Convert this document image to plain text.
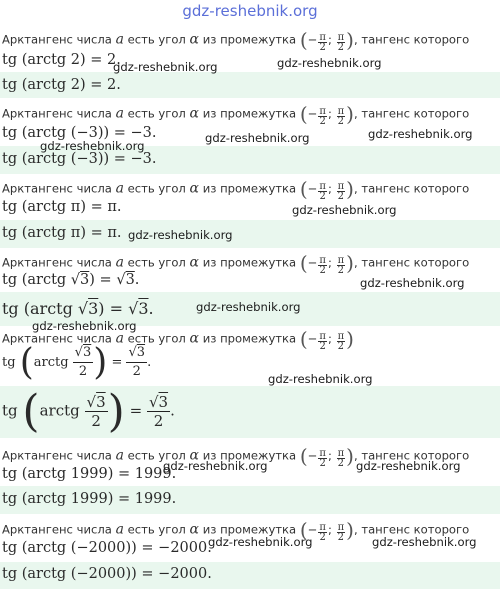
gdz-reshebnik.org
Арктангенс числа a есть угол α из промежутка (− $\frac{\pi}{2}$ ; $\frac{\pi}{2}$ ), тангенс которого
tg (arctg 2) = 2.
tg (arctg 2) = 2.
gdz-reshebnik.org	gdz-reshebnik.org
Арктангенс числа a есть угол α из промежутка (− $\frac{\pi}{2}$ ; $\frac{\pi}{2}$ ), тангенс которого
tg (arctg (−3)) = −3.
tg (arctg (−3)) = −3.
gdz-reshebnik.org	gdz-reshebnik.org
gdz-reshebnik.org
Арктангенс числа a есть угол α из промежутка (− $\frac{\pi}{2}$ ; $\frac{\pi}{2}$ ), тангенс которого
tg (arctg π) = π.
tg (arctg π) = π.
gdz-reshebnik.org
gdz-reshebnik.org
Арктангенс числа a есть угол α из промежутка (− $\frac{\pi}{2}$ ; $\frac{\pi}{2}$ ), тангенс которого
tg (arctg √3) = √3.
tg (arctg √3) = √3.
gdz-reshebnik.org
gdz-reshebnik.org
gdz-reshebnik.org
Арктангенс числа a есть угол α из промежутка (− $\frac{\pi}{2}$ ; $\frac{\pi}{2}$ )
tg (arctg $\frac{√3}{2}$ ) = $\frac{√3}{2}$ .
tg (arctg $\frac{√3}{2}$ ) = $\frac{√3}{2}$ .
gdz-reshebnik.org
Арктангенс числа a есть угол α из промежутка (− $\frac{\pi}{2}$ ; $\frac{\pi}{2}$ ), тангенс которого
tg (arctg 1999) = 1999.
tg (arctg 1999) = 1999.
gdz-reshebnik.org	gdz-reshebnik.org
Арктангенс числа a есть угол α из промежутка (− $\frac{\pi}{2}$ ; $\frac{\pi}{2}$ ), тангенс которого
tg (arctg (−2000)) = −2000.
tg (arctg (−2000)) = −2000.
gdz-reshebnik.org	gdz-reshebnik.org
